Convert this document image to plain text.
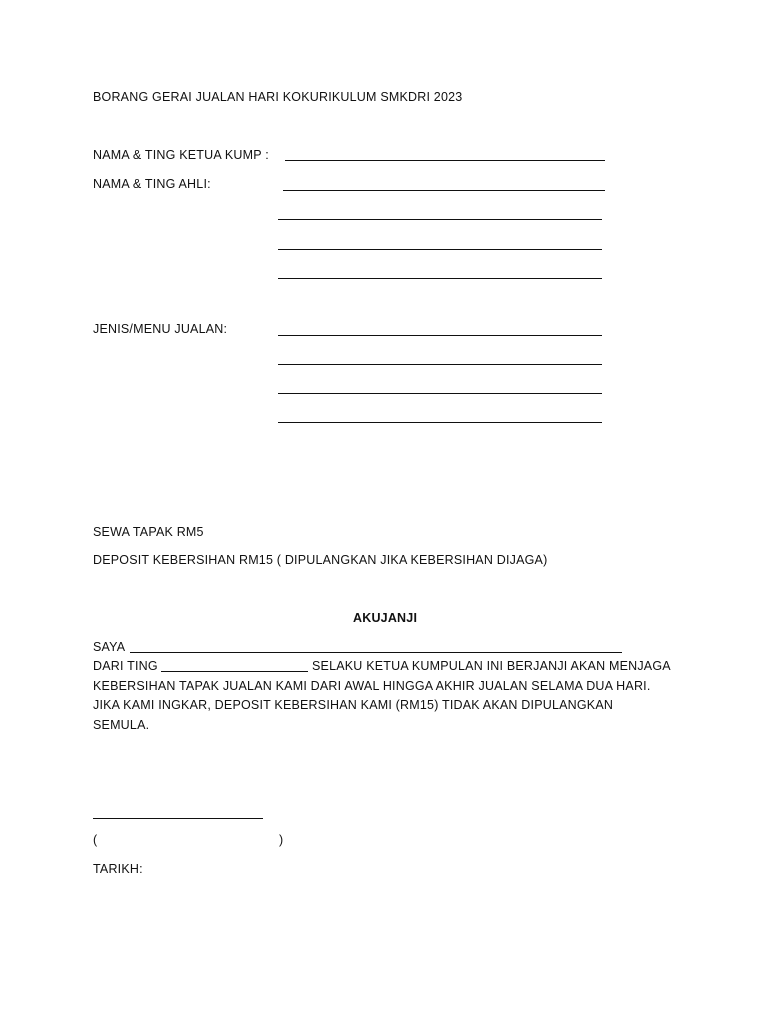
BORANG GERAI JUALAN HARI KOKURIKULUM SMKDRI 2023
NAMA & TING KETUA KUMP :
NAMA & TING AHLI:
JENIS/MENU JUALAN:
SEWA TAPAK RM5
DEPOSIT KEBERSIHAN RM15 ( DIPULANGKAN JIKA KEBERSIHAN DIJAGA)
AKUJANJI
SAYA
DARI TING	SELAKU KETUA KUMPULAN INI BERJANJI AKAN MENJAGA
KEBERSIHAN TAPAK JUALAN KAMI DARI AWAL HINGGA AKHIR JUALAN SELAMA DUA HARI.
JIKA KAMI INGKAR, DEPOSIT KEBERSIHAN KAMI (RM15) TIDAK AKAN DIPULANGKAN
SEMULA.
(	)
TARIKH:
